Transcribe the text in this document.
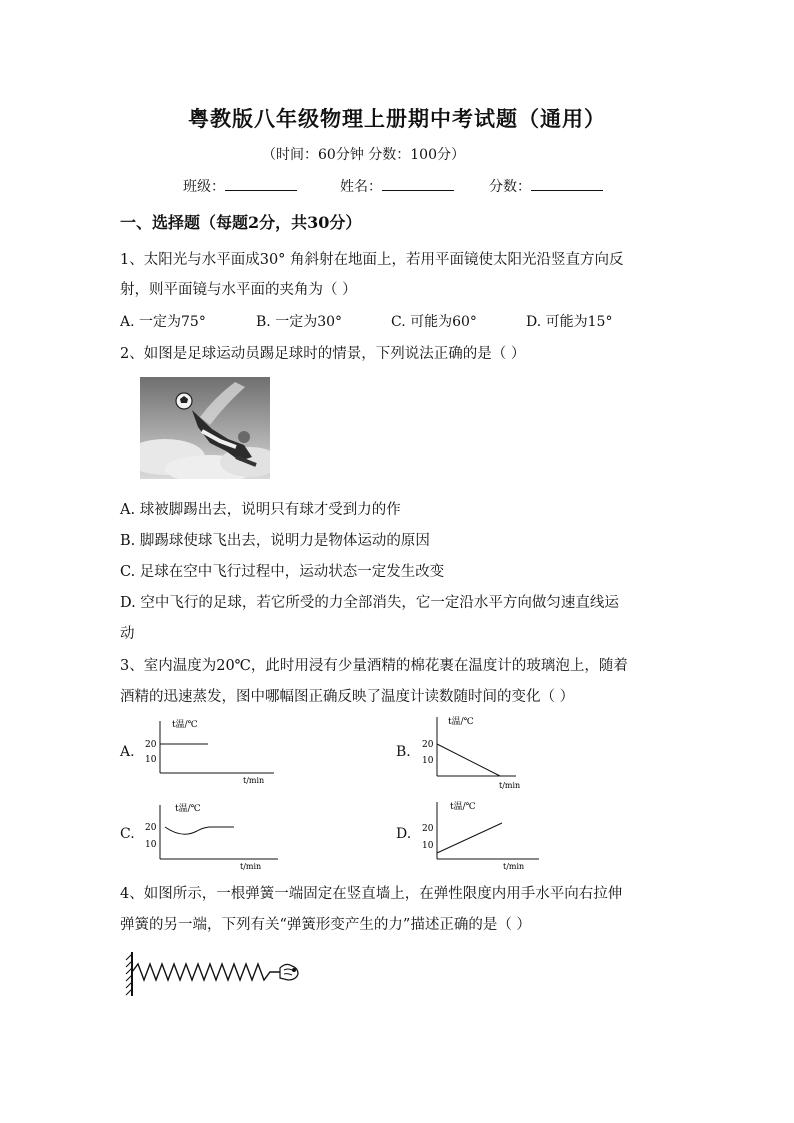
粤教版八年级物理上册期中考试题（通用）
（时间：60分钟 分数：100分）
班级：	姓名：	分数：
一、选择题（每题2分，共30分）
1、太阳光与水平面成30° 角斜射在地面上，若用平面镜使太阳光沿竖直方向反
射，则平面镜与水平面的夹角为（ ）
A. 一定为75°	B. 一定为30°	C. 可能为60°	D. 可能为15°
2、如图是足球运动员踢足球时的情景，下列说法正确的是（ ）
A. 球被脚踢出去，说明只有球才受到力的作
B. 脚踢球使球飞出去，说明力是物体运动的原因
C. 足球在空中飞行过程中，运动状态一定发生改变
D. 空中飞行的足球，若它所受的力全部消失，它一定沿水平方向做匀速直线运
动
3、室内温度为20℃，此时用浸有少量酒精的棉花裹在温度计的玻璃泡上，随着
酒精的迅速蒸发，图中哪幅图正确反映了温度计读数随时间的变化（ ）
A.
t温/℃
20
10
t/min
B.
t温/℃
20
10
t/min
C.
t温/℃
20
10
t/min
D.
t温/℃
20
10
t/min
4、如图所示，一根弹簧一端固定在竖直墙上，在弹性限度内用手水平向右拉伸
弹簧的另一端，下列有关“弹簧形变产生的力”描述正确的是（ ）
